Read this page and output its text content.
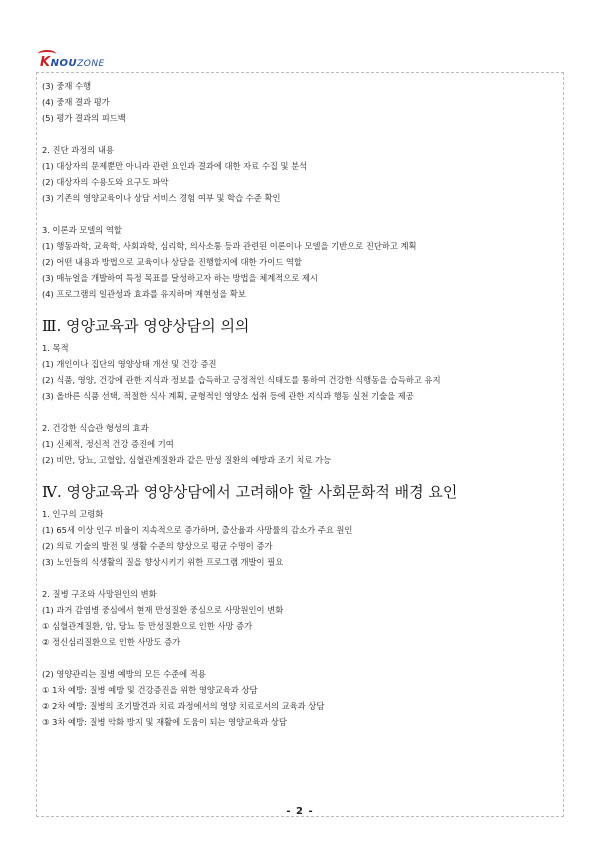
KNOUZONE
(3) 중재 수행
(4) 중재 결과 평가
(5) 평가 결과의 피드백
2. 진단 과정의 내용
(1) 대상자의 문제뿐만 아니라 관련 요인과 결과에 대한 자료 수집 및 분석
(2) 대상자의 수용도와 요구도 파악
(3) 기존의 영양교육이나 상담 서비스 경험 여부 및 학습 수준 확인
3. 이론과 모델의 역할
(1) 행동과학, 교육학, 사회과학, 심리학, 의사소통 등과 관련된 이론이나 모델을 기반으로 진단하고 계획
(2) 어떤 내용과 방법으로 교육이나 상담을 진행할지에 대한 가이드 역할
(3) 매뉴얼을 개발하여 특정 목표를 달성하고자 하는 방법을 체계적으로 제시
(4) 프로그램의 일관성과 효과를 유지하며 재현성을 확보
Ⅲ. 영양교육과 영양상담의 의의
1. 목적
(1) 개인이나 집단의 영양상태 개선 및 건강 증진
(2) 식품, 영양, 건강에 관한 지식과 정보를 습득하고 긍정적인 식태도를 통하여 건강한 식행동을 습득하고 유지
(3) 올바른 식품 선택, 적절한 식사 계획, 균형적인 영양소 섭취 등에 관한 지식과 행동 실천 기술을 제공
2. 건강한 식습관 형성의 효과
(1) 신체적, 정신적 건강 증진에 기여
(2) 비만, 당뇨, 고혈압, 심혈관계질환과 같은 만성 질환의 예방과 조기 치료 가능
Ⅳ. 영양교육과 영양상담에서 고려해야 할 사회문화적 배경 요인
1. 인구의 고령화
(1) 65세 이상 인구 비율이 지속적으로 증가하며, 출산율과 사망률의 감소가 주요 원인
(2) 의료 기술의 발전 및 생활 수준의 향상으로 평균 수명이 증가
(3) 노인들의 식생활의 질을 향상시키기 위한 프로그램 개발이 필요
2. 질병 구조와 사망원인의 변화
(1) 과거 감염병 중심에서 현재 만성질환 중심으로 사망원인이 변화
① 심혈관계질환, 암, 당뇨 등 만성질환으로 인한 사망 증가
② 정신심리질환으로 인한 사망도 증가
(2) 영양관리는 질병 예방의 모든 수준에 적용
① 1차 예방: 질병 예방 및 건강증진을 위한 영양교육과 상담
② 2차 예방: 질병의 조기발견과 치료 과정에서의 영양 치료로서의 교육과 상담
③ 3차 예방: 질병 악화 방지 및 재활에 도움이 되는 영양교육과 상담
- 2 -
